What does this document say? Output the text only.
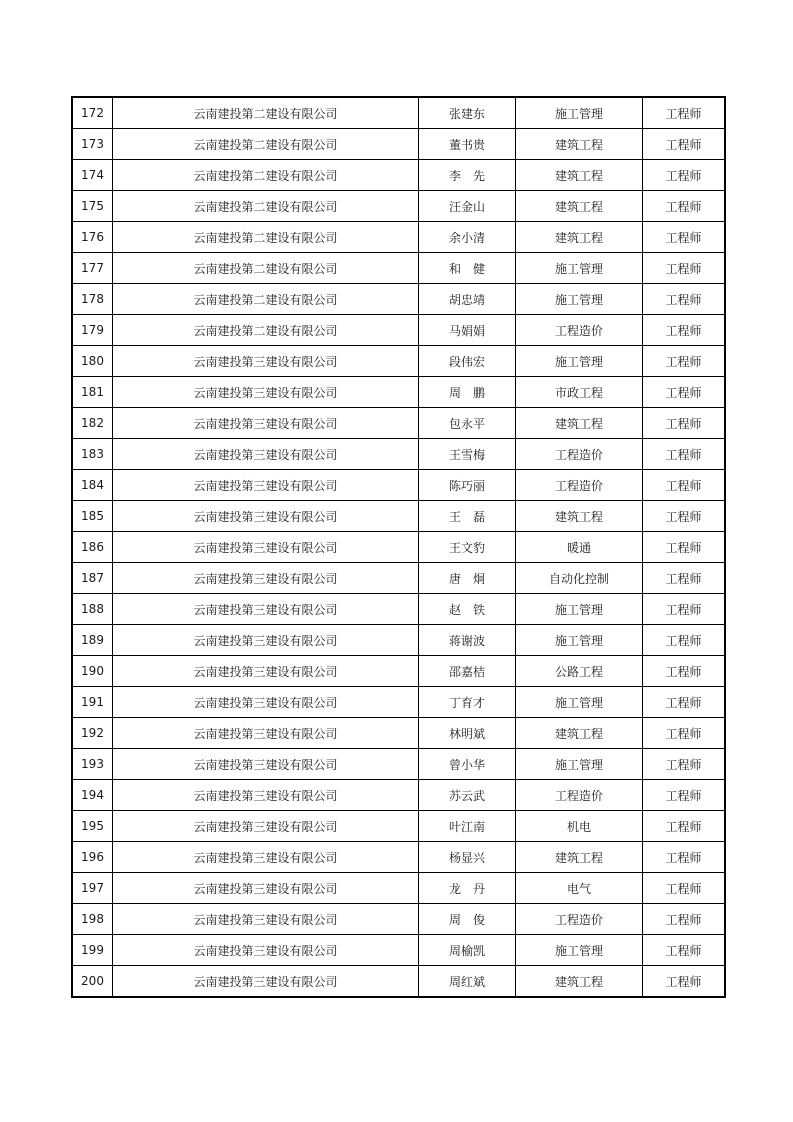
172	云南建投第二建设有限公司	张建东	施工管理	工程师
173	云南建投第二建设有限公司	董书贵	建筑工程	工程师
174	云南建投第二建设有限公司	李　先	建筑工程	工程师
175	云南建投第二建设有限公司	汪金山	建筑工程	工程师
176	云南建投第二建设有限公司	余小清	建筑工程	工程师
177	云南建投第二建设有限公司	和　健	施工管理	工程师
178	云南建投第二建设有限公司	胡忠靖	施工管理	工程师
179	云南建投第二建设有限公司	马娟娟	工程造价	工程师
180	云南建投第三建设有限公司	段伟宏	施工管理	工程师
181	云南建投第三建设有限公司	周　鹏	市政工程	工程师
182	云南建投第三建设有限公司	包永平	建筑工程	工程师
183	云南建投第三建设有限公司	王雪梅	工程造价	工程师
184	云南建投第三建设有限公司	陈巧丽	工程造价	工程师
185	云南建投第三建设有限公司	王　磊	建筑工程	工程师
186	云南建投第三建设有限公司	王文豹	暖通	工程师
187	云南建投第三建设有限公司	唐　炯	自动化控制	工程师
188	云南建投第三建设有限公司	赵　铁	施工管理	工程师
189	云南建投第三建设有限公司	蒋谢波	施工管理	工程师
190	云南建投第三建设有限公司	邵嘉桔	公路工程	工程师
191	云南建投第三建设有限公司	丁育才	施工管理	工程师
192	云南建投第三建设有限公司	林明斌	建筑工程	工程师
193	云南建投第三建设有限公司	曾小华	施工管理	工程师
194	云南建投第三建设有限公司	苏云武	工程造价	工程师
195	云南建投第三建设有限公司	叶江南	机电	工程师
196	云南建投第三建设有限公司	杨显兴	建筑工程	工程师
197	云南建投第三建设有限公司	龙　丹	电气	工程师
198	云南建投第三建设有限公司	周　俊	工程造价	工程师
199	云南建投第三建设有限公司	周榆凯	施工管理	工程师
200	云南建投第三建设有限公司	周红斌	建筑工程	工程师
